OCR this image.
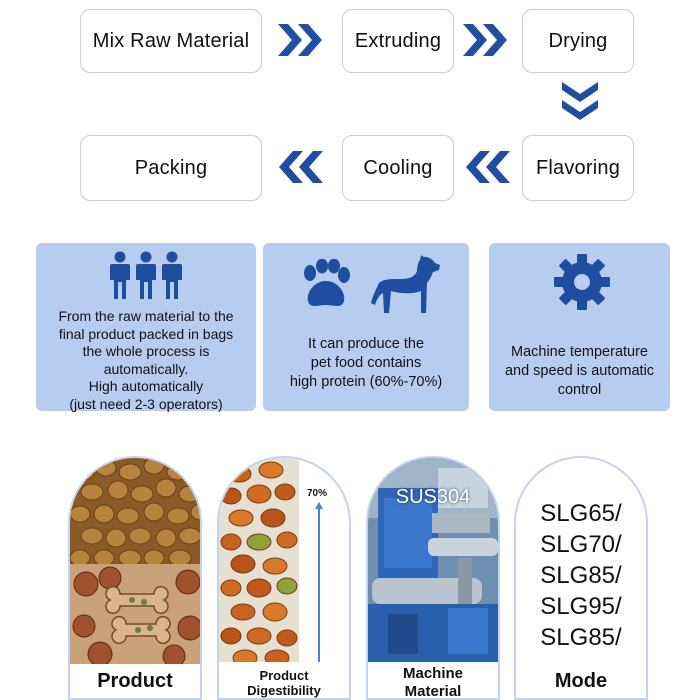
Mix Raw Material	Extruding	Drying
Packing	Cooling	Flavoring
From the raw material to the
final product packed in bags
the whole process is
automatically.
High automatically
(just need 2-3 operators)
It can produce the
pet food contains
high protein (60%-70%)
Machine temperature
and speed is automatic
control
Product
70%
Product
Digestibility
SUS304
Machine
Material
SLG65/
SLG70/
SLG85/
SLG95/
SLG85/
Mode
